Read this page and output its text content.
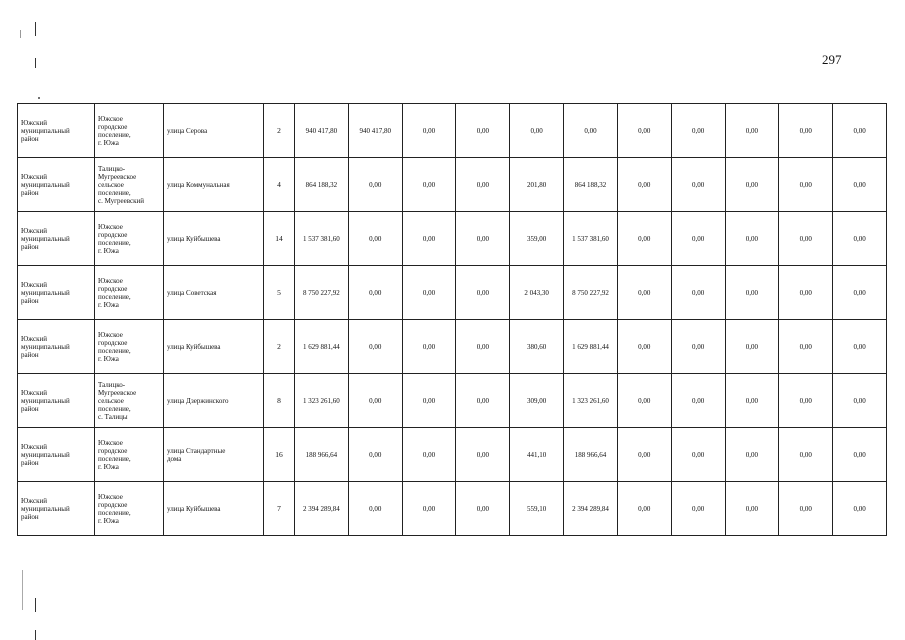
297
Южский
муниципальный
район	Южское
городское
поселение,
г. Южа	улица Серова	2	940 417,80	940 417,80	0,00	0,00	0,00	0,00	0,00	0,00	0,00	0,00	0,00

Южский
муниципальный
район	Талицко-
Мугреевское
сельское
поселение,
с. Мугреевский	улица Коммунальная	4	864 188,32	0,00	0,00	0,00	201,80	864 188,32	0,00	0,00	0,00	0,00	0,00

Южский
муниципальный
район	Южское
городское
поселение,
г. Южа	улица Куйбышева	14	1 537 381,60	0,00	0,00	0,00	359,00	1 537 381,60	0,00	0,00	0,00	0,00	0,00

Южский
муниципальный
район	Южское
городское
поселение,
г. Южа	улица Советская	5	8 750 227,92	0,00	0,00	0,00	2 043,30	8 750 227,92	0,00	0,00	0,00	0,00	0,00

Южский
муниципальный
район	Южское
городское
поселение,
г. Южа	улица Куйбышева	2	1 629 881,44	0,00	0,00	0,00	380,60	1 629 881,44	0,00	0,00	0,00	0,00	0,00

Южский
муниципальный
район	Талицко-
Мугреевское
сельское
поселение,
с. Талицы	улица Дзержинского	8	1 323 261,60	0,00	0,00	0,00	309,00	1 323 261,60	0,00	0,00	0,00	0,00	0,00

Южский
муниципальный
район	Южское
городское
поселение,
г. Южа	улица Стандартные
дома	16	188 966,64	0,00	0,00	0,00	441,10	188 966,64	0,00	0,00	0,00	0,00	0,00

Южский
муниципальный
район	Южское
городское
поселение,
г. Южа	улица Куйбышева	7	2 394 289,84	0,00	0,00	0,00	559,10	2 394 289,84	0,00	0,00	0,00	0,00	0,00
